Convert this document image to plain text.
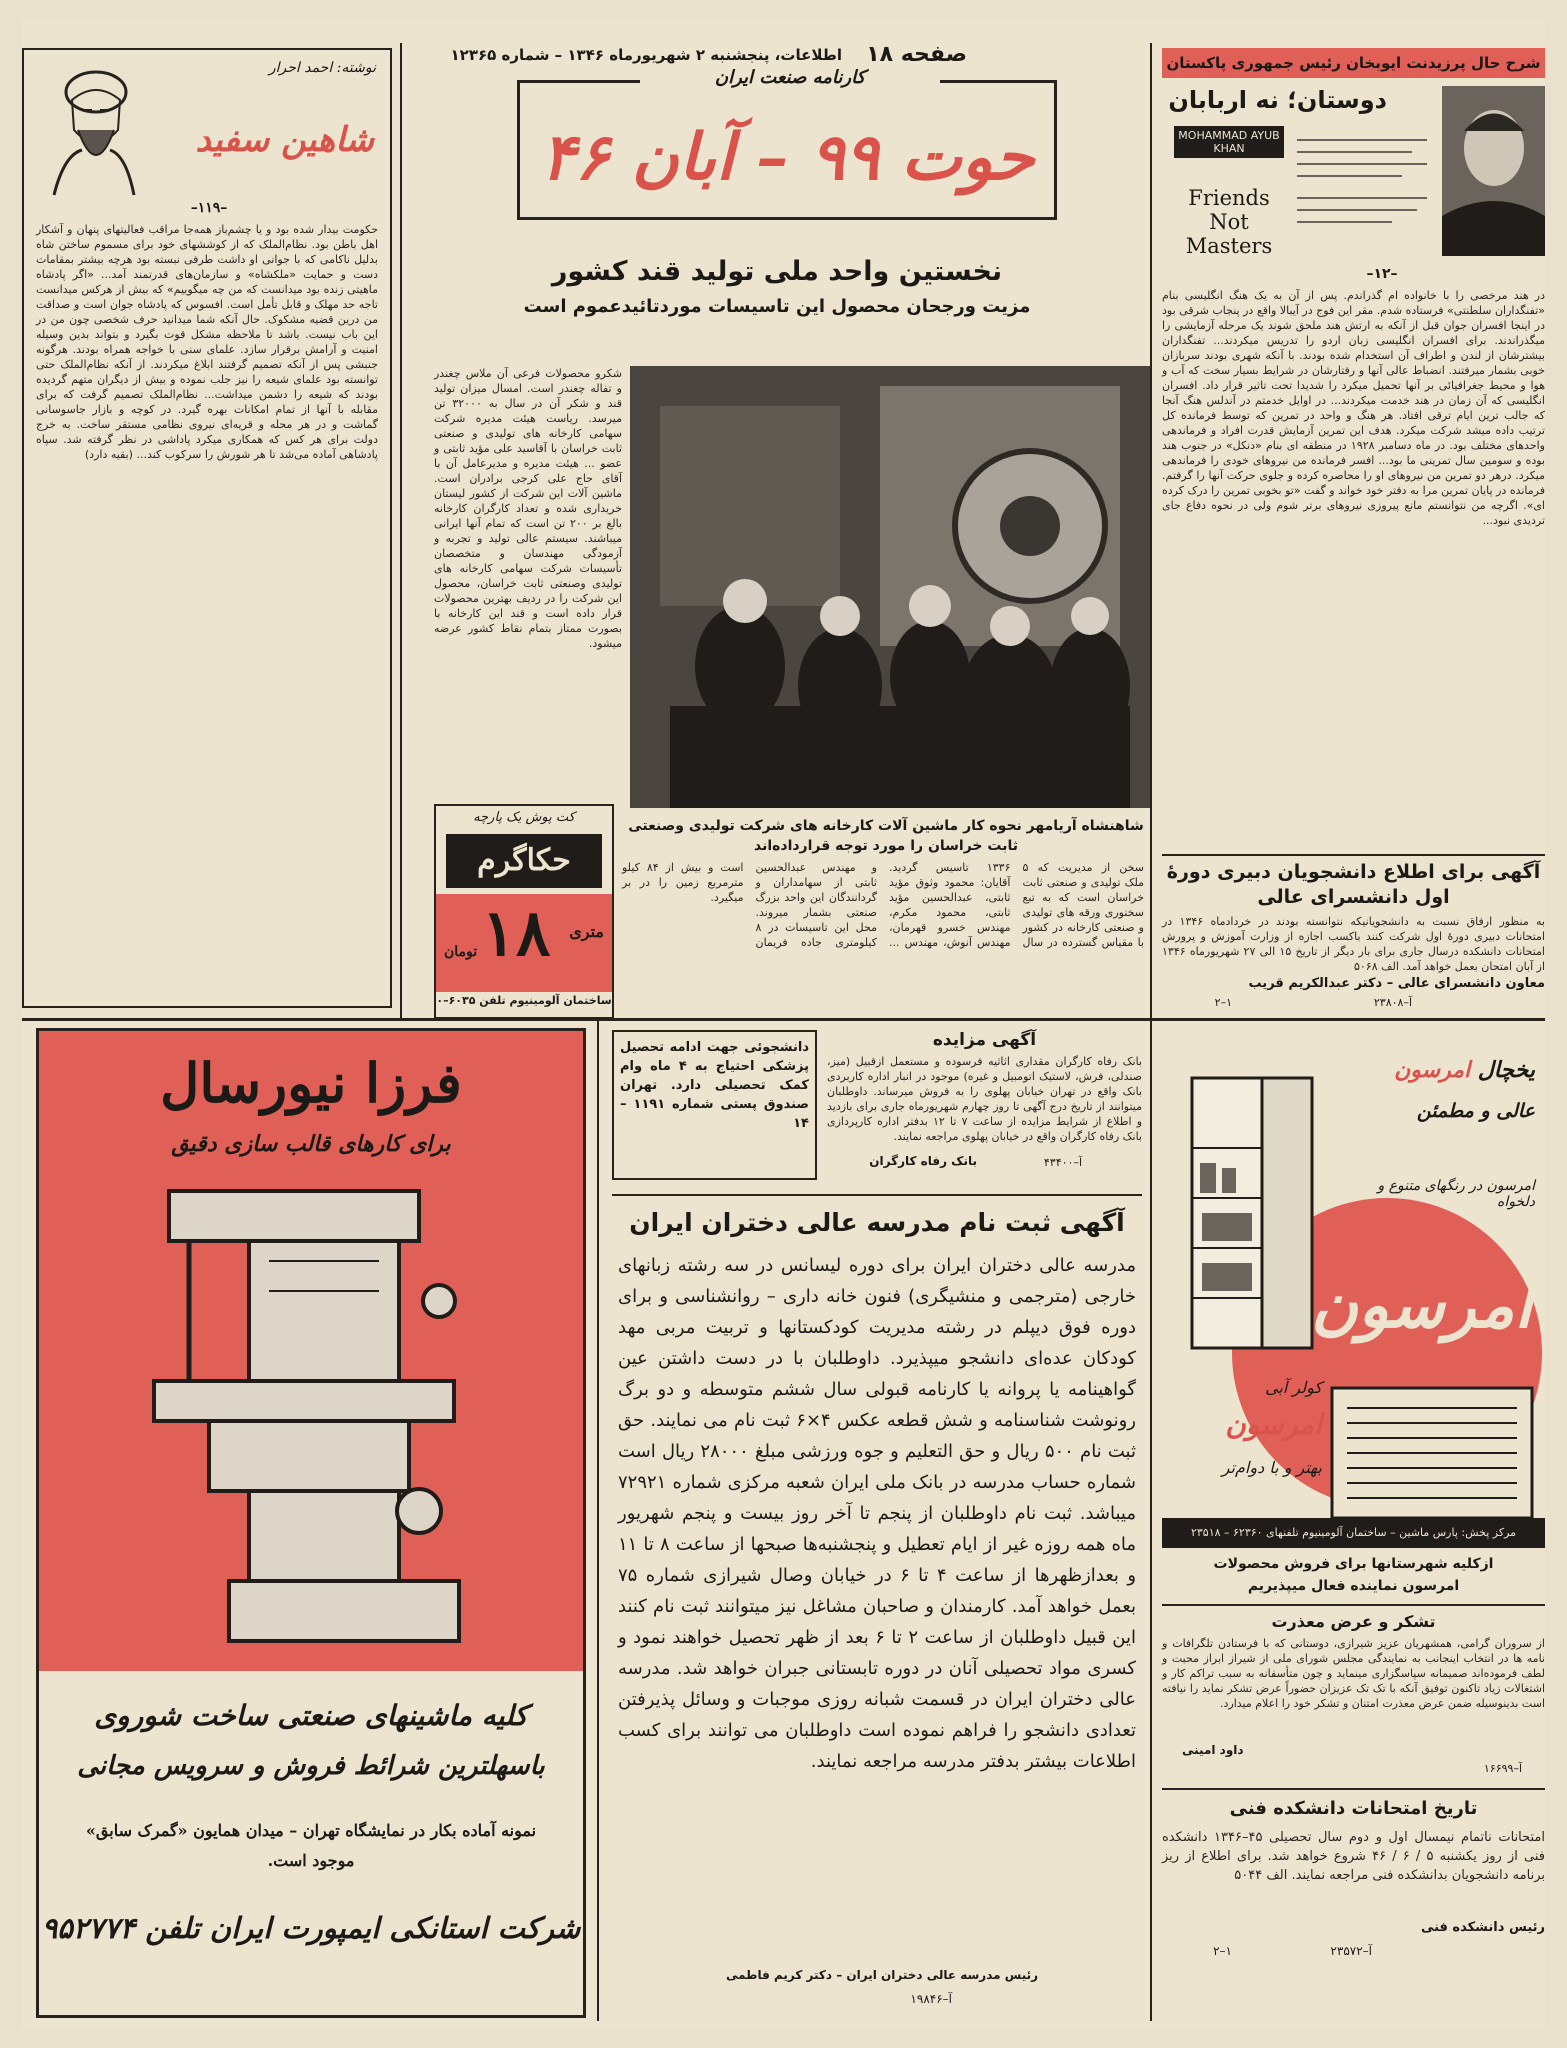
صفحه ۱۸
اطلاعات، پنجشنبه ۲ شهریورماه ۱۳۴۶ – شماره ۱۲۳۶۵
نوشته: احمد احرار
شاهین سفید
–۱۱۹–
حکومت بیدار شده بود و یا چشم‌باز همه‌جا مراقب فعالیتهای پنهان و آشکار اهل باطن بود. نظام‌الملک که از کوششهای خود برای مسموم ساختن شاه بدلیل ناکامی که با جوانی او داشت طرفی نبسته بود هرچه بیشتر بمقامات دست و حمایت «ملکشاه» و سازمان‌های قدرتمند آمد... «اگر پادشاه ماهیتی زنده بود میدانست که من چه میگوییم» که بیش از هرکس میدانست تاجه حد مهلک و قابل تأمل است. افسوس که پادشاه جوان است و صداقت من درین قضیه مشکوک. حال آنکه شما میدانید حرف شخصی چون من در این باب نیست. باشد تا ملاحظه مشکل قوت بگیرد و بتواند بدین وسیله امنیت و آرامش برقرار سازد. علمای سنی با خواجه همراه بودند. هرگونه جنبشی پس از آنکه تصمیم گرفتند ابلاغ میکردند. از آنکه نظام‌الملک حتی توانسته بود علمای شیعه را نیز جلب نموده و بیش از دیگران متهم گردیده بودند که شیعه را دشمن میداشت... نظام‌الملک تصمیم گرفت که برای مقابله با آنها از تمام امکانات بهره گیرد. در کوچه و بازار جاسوسانی گماشت و در هر محله و قریه‌ای نیروی نظامی مستقر ساخت. به خرج دولت برای هر کس که همکاری میکرد پاداشی در نظر گرفته شد. سپاه پادشاهی آماده می‌شد تا هر شورش را سرکوب کند... (بقیه دارد)
کارنامه صنعت ایران
حوت ۹۹ – آبان ۴۶
نخستین واحد ملی تولید قند کشور
مزیت ورجحان محصول این تاسیسات موردتائیدعموم است
شاهنشاه آریامهر نحوه کار ماشین آلات کارخانه های شرکت تولیدی وصنعتی ثابت خراسان را مورد توجه قرارداده‌اند
شکرو محصولات فرعی آن ملاس چغندر و تفاله چغندر است. امسال میزان تولید قند و شکر آن در سال به ۳۲۰۰۰ تن میرسد. ریاست هیئت مدیره شرکت سهامی کارخانه های تولیدی و صنعتی ثابت خراسان با آقاسید علی مؤید ثابتی و عضو ... هیئت مدیره و مدیرعامل آن با آقای حاج علی کرجی برادران است. ماشین آلات این شرکت از کشور لیستان خریداری شده و تعداد کارگران کارخانه بالغ بر ۲۰۰ تن است که تمام آنها ایرانی میباشند. سیستم عالی تولید و تجربه و آزمودگی مهندسان و متخصصان تأسیسات شرکت سهامی کارخانه های تولیدی وصنعتی ثابت خراسان، محصول این شرکت را در ردیف بهترین محصولات قرار داده است و قند این کارخانه با بصورت ممتاز بتمام نقاط کشور عرضه میشود.
کت پوش یک پارچه
حکاگرم
متری
۱۸
تومان
ساختمان آلومینیوم تلفن ۶۰۳۵–۰
سخن از مدیریت که ۵ ملک تولیدی و صنعتی ثابت خراسان است که به تبع سخنوری ورقه های تولیدی و صنعتی کارخانه در کشور با مقیاس گسترده در سال ۱۳۳۶ تاسیس گردید. آقایان: محمود وثوق مؤید ثابتی، عبدالحسین مؤید ثابتی، محمود مکرم، مهندس خسرو قهرمان، مهندس آنوش، مهندس ... و مهندس عبدالحسین ثابتی از سهامداران و گردانندگان این واحد بزرگ صنعتی بشمار میروند. محل این تاسیسات در ۸ کیلومتری جاده فریمان است و بیش از ۸۴ کیلو مترمربع زمین را در بر میگیرد.
شرح حال پرزیدنت ایوبخان رئیس جمهوری پاکستان
دوستان؛ نه اربابان
MOHAMMAD AYUB KHAN
Friends Not Masters
–۱۲–
در هند مرخصی را با خانواده ام گذراندم. پس از آن به یک هنگ انگلیسی بنام «تفنگداران سلطنتی» فرستاده شدم. مقر این فوج در آیبالا واقع در پنجاب شرقی بود در اینجا افسران جوان قبل از آنکه به ارتش هند ملحق شوند یک مرحله آزمایشی را میگذراندند. برای افسران انگلیسی زبان اردو را تدریس میکردند... تفنگداران بیشترشان از لندن و اطراف آن استخدام شده بودند. با آنکه شهری بودند سربازان خوبی بشمار میرفتند. انضباط عالی آنها و رفتارشان در شرایط بسیار سخت که آب و هوا و محیط جغرافیائی بر آنها تحمیل میکرد را شدیدا تحت تاثیر قرار داد. افسران انگلیسی که آن زمان در هند خدمت میکردند... در اوایل خدمتم در آندلس هنگ آنجا که جالب ترین ایام ترقی افتاد. هر هنگ و واحد در تمرین که توسط فرمانده کل ترتیب داده میشد شرکت میکرد. هدف این تمرین آزمایش قدرت افراد و فرماندهی واحدهای مختلف بود. در ماه دسامبر ۱۹۲۸ در منطقه ای بنام «دنکل» در جنوب هند بوده و سومین سال تمرینی ما بود... افسر فرمانده من نیروهای خودی را فرماندهی میکرد. درهر دو تمرین من نیروهای او را محاصره کرده و جلوی حرکت آنها را گرفتم. فرمانده در پایان تمرین مرا به دفتر خود خواند و گفت «تو بخوبی تمرین را درک کرده ای». اگرچه من نتوانستم مانع پیروزی نیروهای برتر شوم ولی در نحوه دفاع جای تردیدی نبود...
آگهی برای اطلاع دانشجویان دبیری دورهٔ اول دانشسرای عالی
به منظور ارفاق نسبت به دانشجویانیکه نتوانسته بودند در خردادماه ۱۳۴۶ در امتحانات دبیری دورهٔ اول شرکت کنند باکسب اجازه از وزارت آموزش و پرورش امتحانات دانشکده درسال جاری برای بار دیگر از تاریخ ۱۵ الی ۲۷ شهریورماه ۱۳۴۶ از آبان امتحان بعمل خواهد آمد. الف ۵۰۶۸
معاون دانشسرای عالی – دکتر عبدالکریم قریب
آ–۲۳۸۰۸
۱–۲
فرزا نیورسال
برای کارهای قالب سازی دقیق
کلیه ماشینهای صنعتی ساخت شوروی
باسهلترین شرائط فروش و سرویس مجانی
نمونه آماده بکار در نمایشگاه تهران – میدان همایون «گمرک سابق»
موجود است.
شرکت استانکی ایمپورت ایران تلفن ۹۵۲۷۷۴
دانشجوئی جهت ادامه تحصیل پزشکی احتیاج به ۴ ماه وام کمک تحصیلی دارد. تهران صندوق پستی شماره ۱۱۹۱ – ۱۴
آگهی مزایده
بانک رفاه کارگران مقداری اثاثیه فرسوده و مستعمل ازقبیل (میز، صندلی، فرش، لاستیک اتومبیل و غیره) موجود در انبار اداره کاربردی بانک واقع در تهران خیابان پهلوی را به فروش میرساند. داوطلبان میتوانند از تاریخ درج آگهی تا روز چهارم شهریورماه جاری برای بازدید و اطلاع از شرایط مزایده از ساعت ۷ تا ۱۲ بدفتر اداره کارپردازی بانک رفاه کارگران واقع در خیابان پهلوی مراجعه نمایند.
بانک رفاه کارگران	آ–۴۳۴۰۰
آگهی ثبت نام مدرسه عالی دختران ایران
مدرسه عالی دختران ایران برای دوره لیسانس در سه رشته زبانهای خارجی (مترجمی و منشیگری) فنون خانه داری – روانشناسی و برای دوره فوق دیپلم در رشته مدیریت کودکستانها و تربیت مربی مهد کودکان عده‌ای دانشجو میپذیرد. داوطلبان با در دست داشتن عین گواهینامه یا پروانه یا کارنامه قبولی سال ششم متوسطه و دو برگ رونوشت شناسنامه و شش قطعه عکس ۴×۶ ثبت نام می نمایند. حق ثبت نام ۵۰۰ ریال و حق التعلیم و جوه ورزشی مبلغ ۲۸۰۰۰ ریال است شماره حساب مدرسه در بانک ملی ایران شعبه مرکزی شماره ۷۲۹۲۱ میباشد. ثبت نام داوطلبان از پنجم تا آخر روز بیست و پنجم شهریور ماه همه روزه غیر از ایام تعطیل و پنجشنبه‌ها صبحها از ساعت ۸ تا ۱۱ و بعدازظهرها از ساعت ۴ تا ۶ در خیابان وصال شیرازی شماره ۷۵ بعمل خواهد آمد. کارمندان و صاحبان مشاغل نیز میتوانند ثبت نام کنند این قبیل داوطلبان از ساعت ۲ تا ۶ بعد از ظهر تحصیل خواهند نمود و کسری مواد تحصیلی آنان در دوره تابستانی جبران خواهد شد. مدرسه عالی دختران ایران در قسمت شبانه روزی موجبات و وسائل پذیرفتن تعدادی دانشجو را فراهم نموده است داوطلبان می توانند برای کسب اطلاعات بیشتر بدفتر مدرسه مراجعه نمایند.
رئیس مدرسه عالی دختران ایران – دکتر کریم فاطمی
آ–۱۹۸۴۶
یخچال امرسون
عالی و مطمئن
امرسون در رنگهای متنوع و دلخواه
امرسون
کولر آبی
امرسون
بهتر و با دوام‌تر
مرکز پخش: پارس ماشین – ساختمان آلومینیوم تلفنهای ۶۲۳۶۰ – ۲۳۵۱۸
ازکلیه شهرستانها برای فروش محصولات
امرسون نماینده فعال میپذیریم
تشکر و عرض معذرت
از سروران گرامی، همشهریان عزیز شیرازی، دوستانی که با فرستادن تلگرافات و نامه ها در انتخاب اینجانب به نمایندگی مجلس شورای ملی از شیراز ابراز محبت و لطف فرموده‌اند صمیمانه سپاسگزاری مینماید و چون متأسفانه به سبب تراکم کار و اشتغالات زیاد تاکنون توفیق آنکه با تک تک عزیزان حضوراً عرض تشکر نماید را نیافته است بدینوسیله ضمن عرض معذرت امتنان و تشکر خود را اعلام میدارد.
داود امینی
آ–۱۶۶۹۹
تاریخ امتحانات دانشکده فنی
امتحانات ناتمام نیمسال اول و دوم سال تحصیلی ۴۵–۱۳۴۶ دانشکده فنی از روز یکشنبه ۵ / ۶ / ۴۶ شروع خواهد شد. برای اطلاع از ریز برنامه دانشجویان بدانشکده فنی مراجعه نمایند. الف ۵۰۴۴
رئیس دانشکده فنی
آ–۲۳۵۷۲
۱–۲
